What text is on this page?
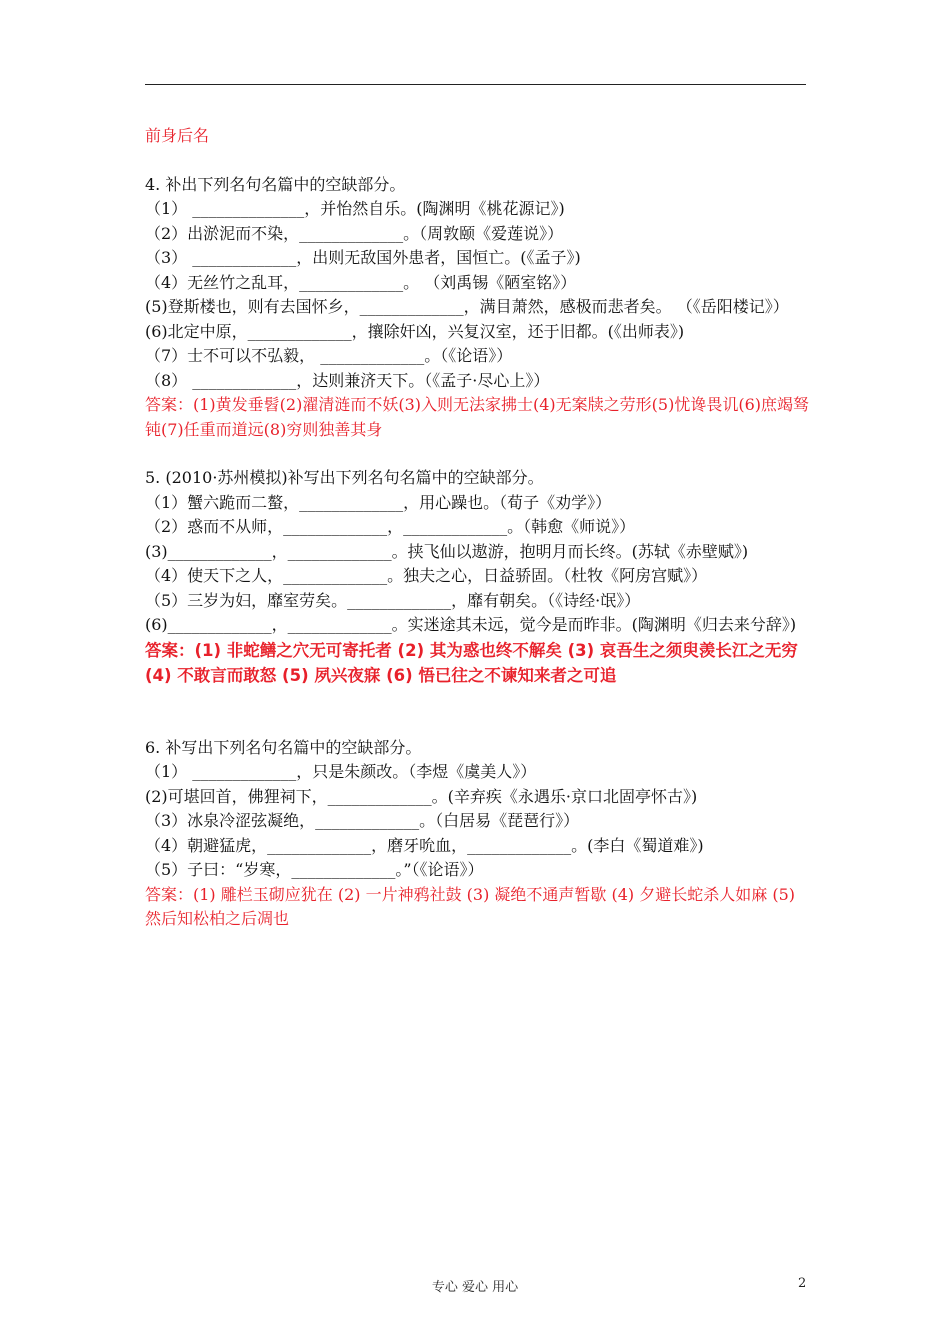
前身后名
4. 补出下列名句名篇中的空缺部分。
（1） ______________，并怡然自乐。(陶渊明《桃花源记》)
（2）出淤泥而不染，_____________。（周敦颐《爱莲说》）
（3） _____________，出则无敌国外患者，国恒亡。(《孟子》)
（4）无丝竹之乱耳，_____________。 （刘禹锡《陋室铭》）
(5)登斯楼也，则有去国怀乡，_____________，满目萧然，感极而悲者矣。 （《岳阳楼记》）
(6)北定中原，_____________，攘除奸凶，兴复汉室，还于旧都。(《出师表》)
（7）士不可以不弘毅， _____________。（《论语》）
（8） _____________，达则兼济天下。（《孟子·尽心上》）
答案：(1)黄发垂髫(2)濯清涟而不妖(3)入则无法家拂士(4)无案牍之劳形(5)忧谗畏讥(6)庶竭驽钝(7)任重而道远(8)穷则独善其身
5. (2010·苏州模拟)补写出下列名句名篇中的空缺部分。
（1）蟹六跪而二螯，_____________，用心躁也。（荀子《劝学》）
（2）惑而不从师，_____________，_____________。（韩愈《师说》）
(3)_____________，_____________。挟飞仙以遨游，抱明月而长终。(苏轼《赤壁赋》)
（4）使天下之人，_____________。独夫之心，日益骄固。（杜牧《阿房宫赋》）
（5）三岁为妇，靡室劳矣。_____________，靡有朝矣。（《诗经·氓》）
(6)_____________，_____________。实迷途其未远，觉今是而昨非。(陶渊明《归去来兮辞》)
答案：(1) 非蛇鳝之穴无可寄托者 (2) 其为惑也终不解矣 (3) 哀吾生之须臾羡长江之无穷 (4) 不敢言而敢怒 (5) 夙兴夜寐 (6) 悟已往之不谏知来者之可追
6. 补写出下列名句名篇中的空缺部分。
（1） _____________，只是朱颜改。（李煜《虞美人》）
(2)可堪回首，佛狸祠下，_____________。(辛弃疾《永遇乐·京口北固亭怀古》)
（3）冰泉冷涩弦凝绝，_____________。（白居易《琵琶行》）
（4）朝避猛虎，_____________，磨牙吮血，_____________。(李白《蜀道难》)
（5）子曰：“岁寒，_____________。”（《论语》）
答案：(1) 雕栏玉砌应犹在 (2) 一片神鸦社鼓 (3) 凝绝不通声暂歇 (4) 夕避长蛇杀人如麻 (5) 然后知松柏之后凋也
专心 爱心 用心	2
